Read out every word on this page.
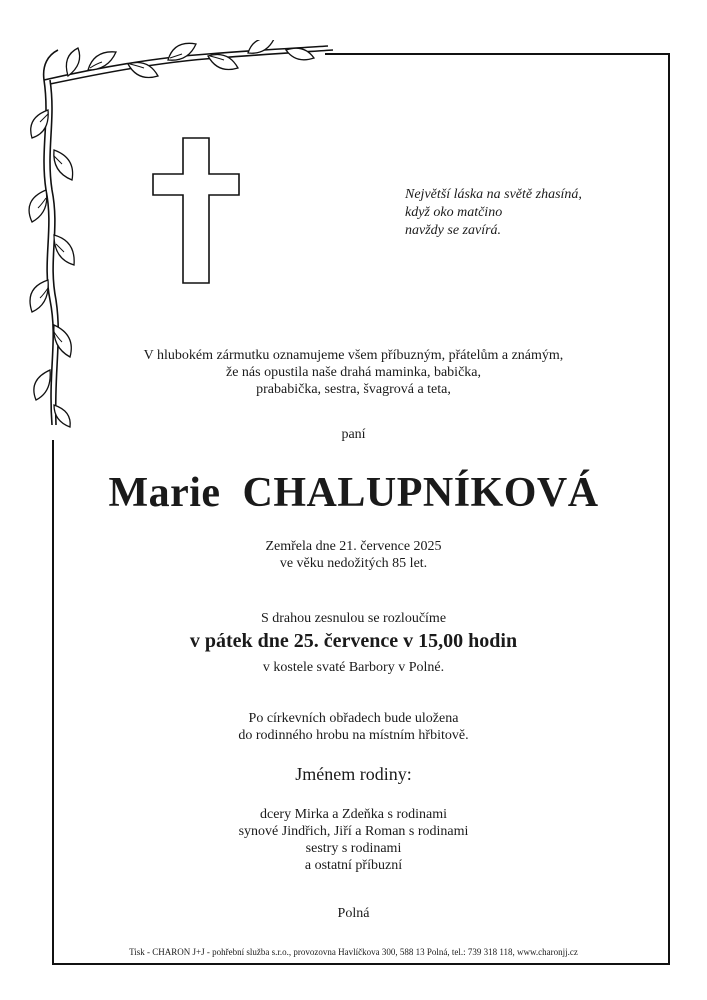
Největší láska na světě zhasíná,
když oko matčino
navždy se zavírá.
V hlubokém zármutku oznamujeme všem příbuzným, přátelům a známým,
že nás opustila naše drahá maminka, babička,
prababička, sestra, švagrová a teta,
paní
Marie CHALUPNÍKOVÁ
Zemřela dne 21. července 2025
ve věku nedožitých 85 let.
S drahou zesnulou se rozloučíme
v pátek dne 25. července v 15,00 hodin
v kostele svaté Barbory v Polné.
Po církevních obřadech bude uložena
do rodinného hrobu na místním hřbitově.
Jménem rodiny:
dcery Mirka a Zdeňka s rodinami
synové Jindřich, Jiří a Roman s rodinami
sestry s rodinami
a ostatní příbuzní
Polná
Tisk - CHARON J+J - pohřební služba s.r.o., provozovna Havlíčkova 300, 588 13 Polná, tel.: 739 318 118, www.charonjj.cz
